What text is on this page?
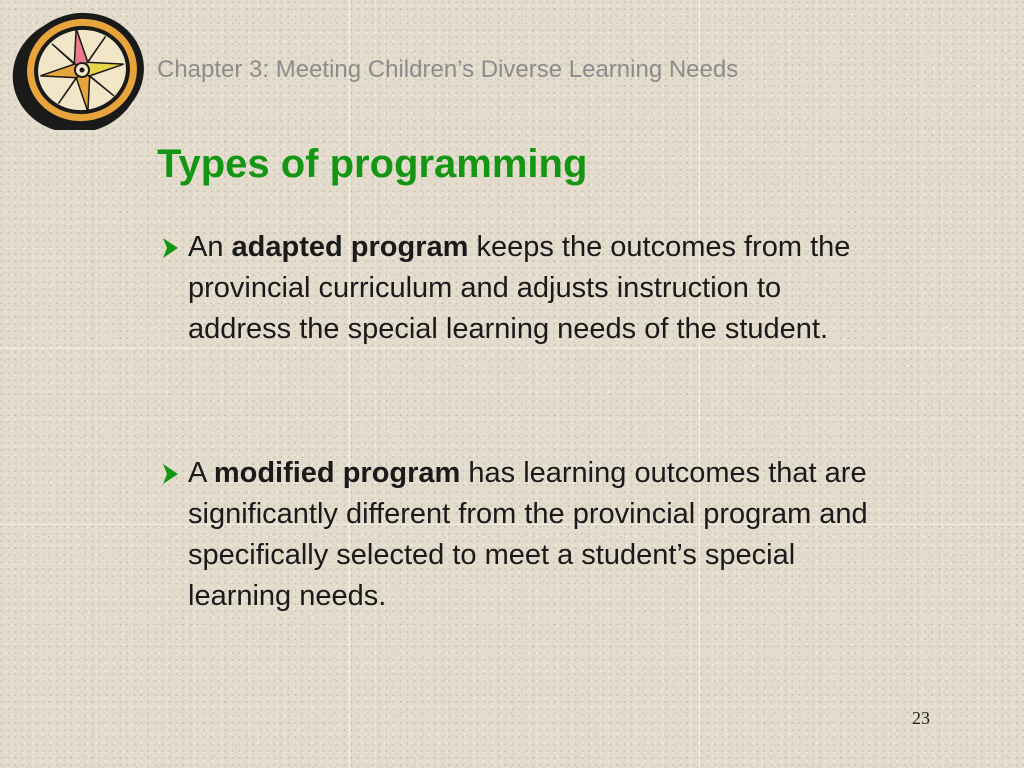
Chapter 3: Meeting Children’s Diverse Learning Needs
Types of programming
An adapted program keeps the outcomes from the provincial curriculum and adjusts instruction to address the special learning needs of the student.
A modified program has learning outcomes that are significantly different from the provincial program and specifically selected to meet a student’s special learning needs.
23
